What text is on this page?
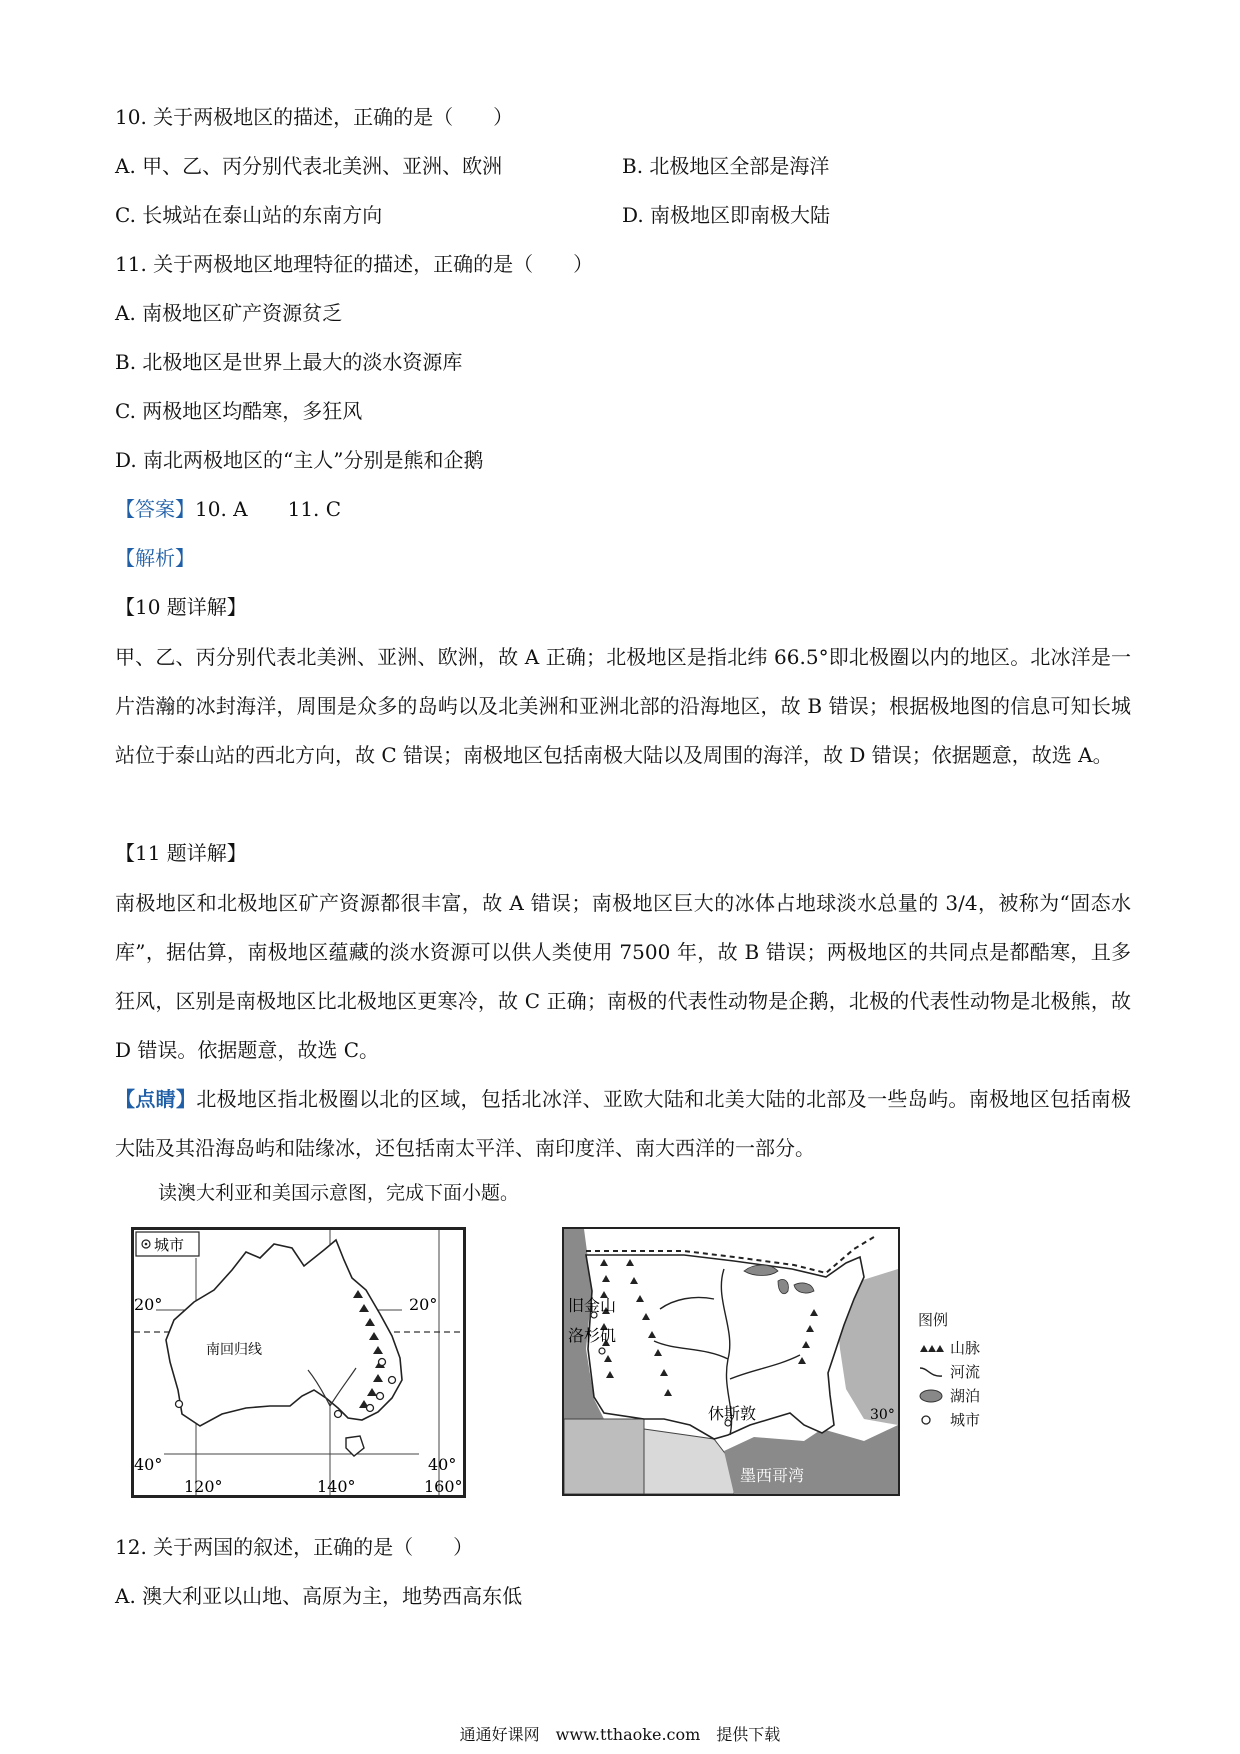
10. 关于两极地区的描述，正确的是（　　）
A. 甲、乙、丙分别代表北美洲、亚洲、欧洲	B. 北极地区全部是海洋
C. 长城站在泰山站的东南方向	D. 南极地区即南极大陆
11. 关于两极地区地理特征的描述，正确的是（　　）
A. 南极地区矿产资源贫乏
B. 北极地区是世界上最大的淡水资源库
C. 两极地区均酷寒，多狂风
D. 南北两极地区的“主人”分别是熊和企鹅
【答案】10. A　　11. C
【解析】
【10 题详解】
甲、乙、丙分别代表北美洲、亚洲、欧洲，故 A 正确；北极地区是指北纬 66.5°即北极圈以内的地区。北冰洋是一片浩瀚的冰封海洋，周围是众多的岛屿以及北美洲和亚洲北部的沿海地区，故 B 错误；根据极地图的信息可知长城站位于泰山站的西北方向，故 C 错误；南极地区包括南极大陆以及周围的海洋，故 D 错误；依据题意，故选 A。
【11 题详解】
南极地区和北极地区矿产资源都很丰富，故 A 错误；南极地区巨大的冰体占地球淡水总量的 3/4，被称为“固态水库”，据估算，南极地区蕴藏的淡水资源可以供人类使用 7500 年，故 B 错误；两极地区的共同点是都酷寒，且多狂风，区别是南极地区比北极地区更寒冷，故 C 正确；南极的代表性动物是企鹅，北极的代表性动物是北极熊，故 D 错误。依据题意，故选 C。
【点睛】北极地区指北极圈以北的区域，包括北冰洋、亚欧大陆和北美大陆的北部及一些岛屿。南极地区包括南极大陆及其沿海岛屿和陆缘冰，还包括南太平洋、南印度洋、南大西洋的一部分。
读澳大利亚和美国示意图，完成下面小题。
城市
20°	20°
南回归线
40°	40°
120°	140°	160°
旧金山
洛杉矶
休斯敦
墨西哥湾
30°
图例
山脉
河流
湖泊
城市
12. 关于两国的叙述，正确的是（　　）
A. 澳大利亚以山地、高原为主，地势西高东低
通通好课网　www.tthaoke.com　提供下载
